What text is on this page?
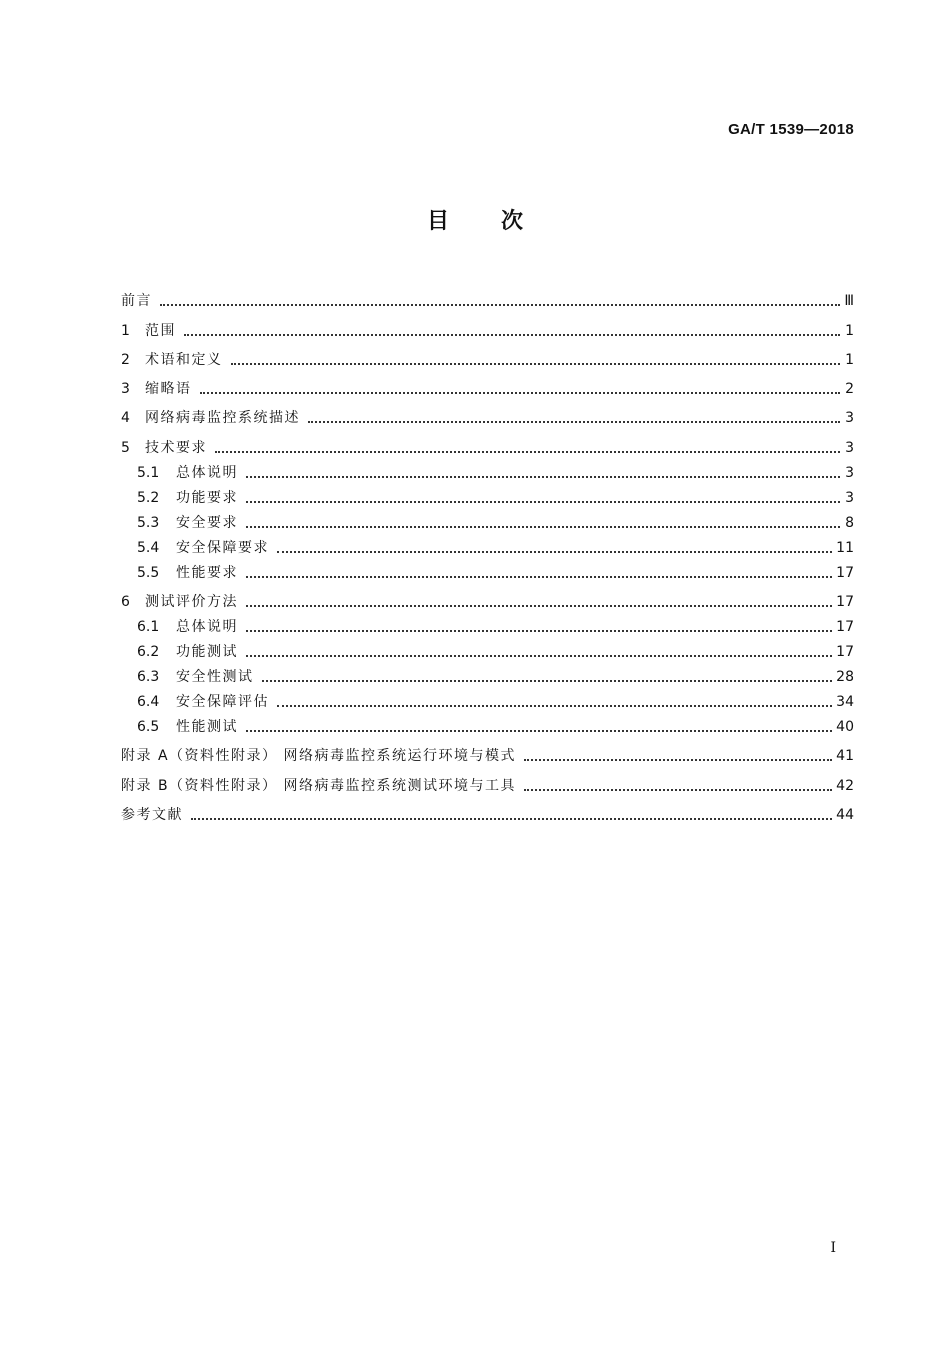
GA/T 1539—2018
目次
前言	Ⅲ
1	范围	1
2	术语和定义	1
3	缩略语	2
4	网络病毒监控系统描述	3
5	技术要求	3
5.1	总体说明	3
5.2	功能要求	3
5.3	安全要求	8
5.4	安全保障要求	11
5.5	性能要求	17
6	测试评价方法	17
6.1	总体说明	17
6.2	功能测试	17
6.3	安全性测试	28
6.4	安全保障评估	34
6.5	性能测试	40
附录 A（资料性附录） 网络病毒监控系统运行环境与模式	41
附录 B（资料性附录） 网络病毒监控系统测试环境与工具	42
参考文献	44
I
